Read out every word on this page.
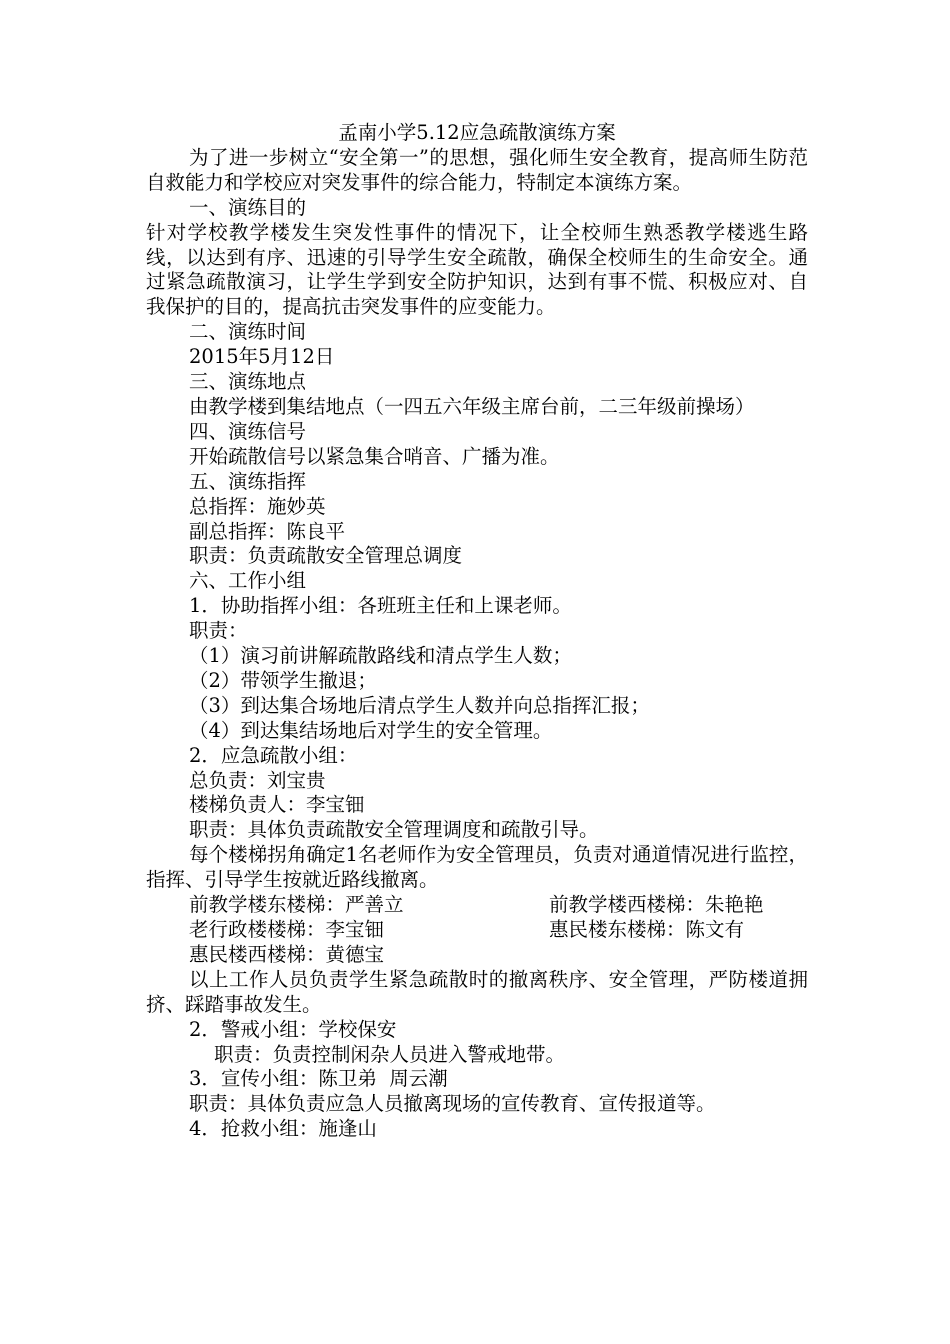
孟南小学5.12应急疏散演练方案

为了进一步树立“安全第一”的思想，强化师生安全教育，提高师生防范自救能力和学校应对突发事件的综合能力，特制定本演练方案。

一、演练目的

针对学校教学楼发生突发性事件的情况下，让全校师生熟悉教学楼逃生路线，以达到有序、迅速的引导学生安全疏散，确保全校师生的生命安全。通过紧急疏散演习，让学生学到安全防护知识，达到有事不慌、积极应对、自我保护的目的，提高抗击突发事件的应变能力。

二、演练时间

2015年5月12日

三、演练地点

由教学楼到集结地点（一四五六年级主席台前，二三年级前操场）

四、演练信号

开始疏散信号以紧急集合哨音、广播为准。

五、演练指挥

总指挥：施妙英

副总指挥：陈良平

职责：负责疏散安全管理总调度

六、工作小组

1．协助指挥小组：各班班主任和上课老师。

职责：

（1）演习前讲解疏散路线和清点学生人数；

（2）带领学生撤退；

（3）到达集合场地后清点学生人数并向总指挥汇报；

（4）到达集结场地后对学生的安全管理。

2．应急疏散小组：

总负责：刘宝贵

楼梯负责人：李宝钿

职责：具体负责疏散安全管理调度和疏散引导。

每个楼梯拐角确定1名老师作为安全管理员，负责对通道情况进行监控，指挥、引导学生按就近路线撤离。

前教学楼东楼梯：严善立	前教学楼西楼梯：朱艳艳
老行政楼楼梯：李宝钿	惠民楼东楼梯：陈文有
惠民楼西楼梯：黄德宝

以上工作人员负责学生紧急疏散时的撤离秩序、安全管理，严防楼道拥挤、踩踏事故发生。

2．警戒小组：学校保安

职责：负责控制闲杂人员进入警戒地带。

3．宣传小组：陈卫弟  周云潮

职责：具体负责应急人员撤离现场的宣传教育、宣传报道等。

4．抢救小组：施逢山
